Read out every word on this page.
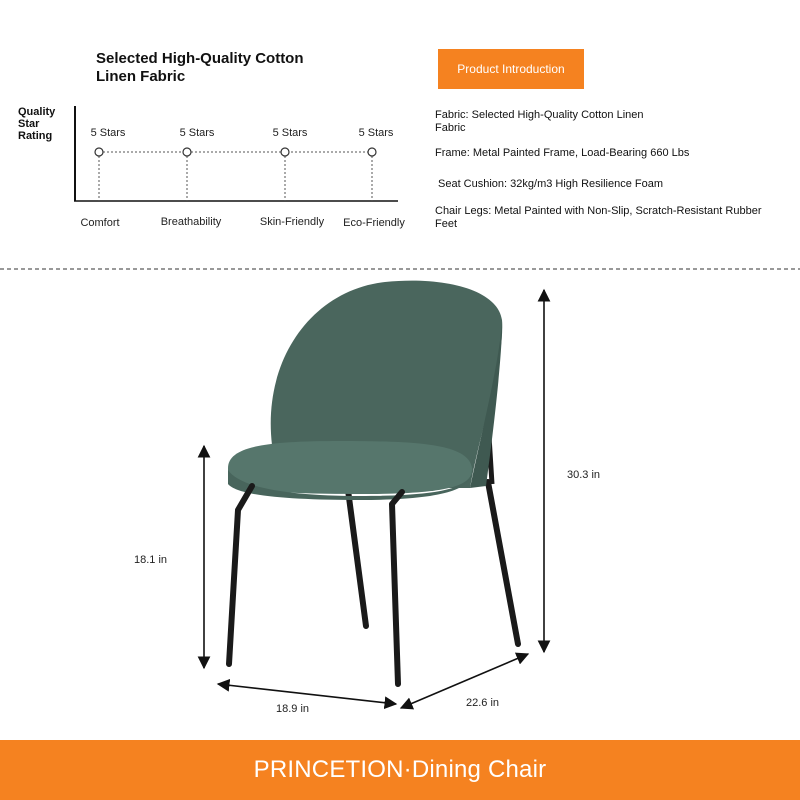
Selected High-Quality Cotton Linen Fabric	Product Introduction
Fabric: Selected High-Quality Cotton Linen Fabric
Frame: Metal Painted Frame, Load-Bearing 660 Lbs
Seat Cushion: 32kg/m3 High Resilience Foam
Chair Legs: Metal Painted with Non-Slip, Scratch-Resistant Rubber Feet
Quality Star Rating	5 Stars	5 Stars	5 Stars	5 Stars
Comfort	Breathability	Skin-Friendly	Eco-Friendly
18.1 in
30.3 in
18.9 in	22.6 in
PRINCETION·Dining Chair
